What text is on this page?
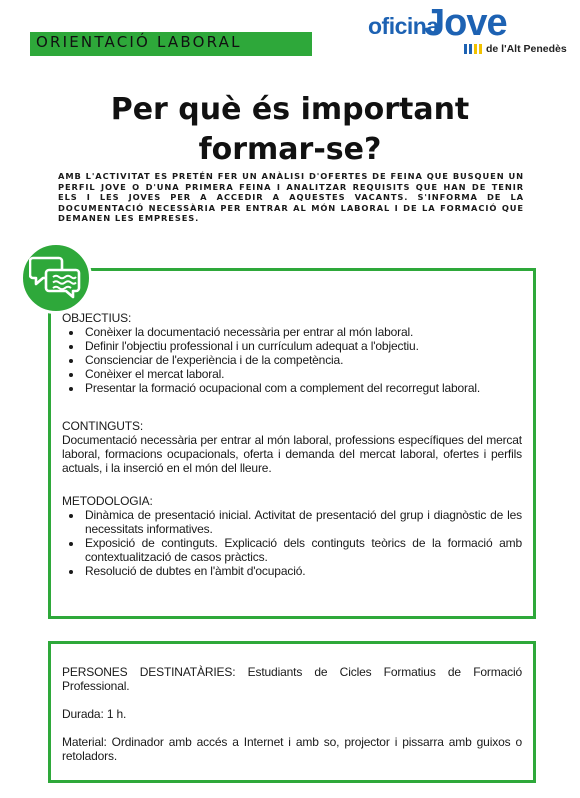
ORIENTACIÓ LABORAL
oficina
Jove
de l'Alt Penedès
Per què és important
formar-se?
AMB L'ACTIVITAT ES PRETÉN FER UN ANÀLISI D'OFERTES DE FEINA QUE BUSQUEN UN PERFIL JOVE O D'UNA PRIMERA FEINA I ANALITZAR REQUISITS QUE HAN DE TENIR ELS I LES JOVES PER A ACCEDIR A AQUESTES VACANTS. S'INFORMA DE LA DOCUMENTACIÓ NECESSÀRIA PER ENTRAR AL MÓN LABORAL I DE LA FORMACIÓ QUE DEMANEN LES EMPRESES.
OBJECTIUS:
• Conèixer la documentació necessària per entrar al món laboral.
• Definir l'objectiu professional i un currículum adequat a l'objectiu.
• Conscienciar de l'experiència i de la competència.
• Conèixer el mercat laboral.
• Presentar la formació ocupacional com a complement del recorregut laboral.
CONTINGUTS:

Documentació necessària per entrar al món laboral, professions específiques del mercat laboral, formacions ocupacionals, oferta i demanda del mercat laboral, ofertes i perfils actuals, i la inserció en el món del lleure.

METODOLOGIA:
• Dinàmica de presentació inicial. Activitat de presentació del grup i diagnòstic de les necessitats informatives.
• Exposició de continguts. Explicació dels continguts teòrics de la formació amb contextualització de casos pràctics.
• Resolució de dubtes en l'àmbit d'ocupació.

PERSONES DESTINATÀRIES: Estudiants de Cicles Formatius de Formació Professional.

Durada: 1 h.

Material: Ordinador amb accés a Internet i amb so, projector i pissarra amb guixos o retoladors.
